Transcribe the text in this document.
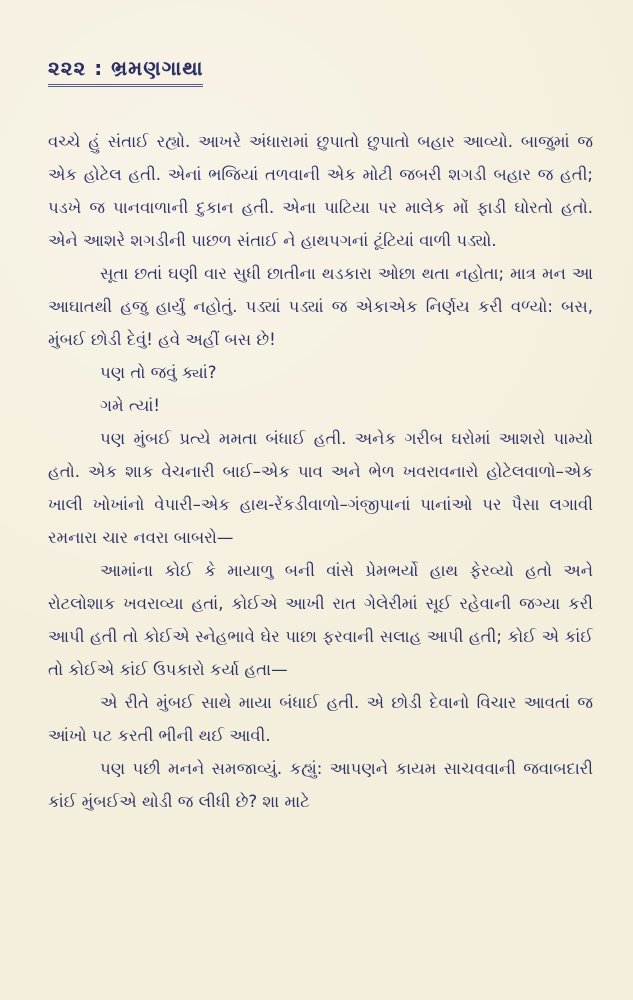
૨૨૨ : ભ્રમણગાથા

વચ્ચે હું સંતાઈ રહ્યો. આખરે અંધારામાં છુપાતો છુપાતો બહાર આવ્યો. બાજુમાં જ એક હોટેલ હતી. એનાં ભજિયાં તળવાની એક મોટી જબરી શગડી બહાર જ હતી; પડખે જ પાનવાળાની દુકાન હતી. એના પાટિયા પર માલેક મોં ફાડી ઘોરતો હતો. એને આશરે શગડીની પાછળ સંતાઈ ને હાથપગનાં ટૂંટિયાં વાળી પડ્યો.

સૂતા છતાં ઘણી વાર સુધી છાતીના થડકારા ઓછા થતા નહોતા; માત્ર મન આ આઘાતથી હજુ હાર્યું નહોતું. પડ્યાં પડ્યાં જ એકાએક નિર્ણય કરી વળ્યો: બસ, મુંબઈ છોડી દેવું! હવે અહીં બસ છે!

પણ તો જવું ક્યાં?

ગમે ત્યાં!

પણ મુંબઈ પ્રત્યે મમતા બંધાઈ હતી. અનેક ગરીબ ઘરોમાં આશરો પામ્યો હતો. એક શાક વેચનારી બાઈ–એક પાવ અને ભેળ ખવરાવનારો હોટેલવાળો–એક ખાલી ખોખાંનો વેપારી–એક હાથ-રેંકડીવાળો–ગંજીપાનાં પાનાંઓ પર પૈસા લગાવી રમનારા ચાર નવરા બાબરો—

આમાંના કોઈ કે માયાળુ બની વાંસે પ્રેમભર્યો હાથ ફેરવ્યો હતો અને રોટલોશાક ખવરાવ્યા હતાં, કોઈએ આખી રાત ગેલેરીમાં સૂઈ રહેવાની જગ્યા કરી આપી હતી તો કોઈએ સ્નેહભાવે ઘેર પાછા ફરવાની સલાહ આપી હતી; કોઈ એ કાંઈ તો કોઈએ કાંઈ ઉપકારો કર્યા હતા—

એ રીતે મુંબઈ સાથે માયા બંધાઈ હતી. એ છોડી દેવાનો વિચાર આવતાં જ આંખો પટ કરતી ભીની થઈ આવી.

પણ પછી મનને સમજાવ્યું. કહ્યું: આપણને કાયમ સાચવવાની જવાબદારી કાંઈ મુંબઈએ થોડી જ લીધી છે? શા માટે
